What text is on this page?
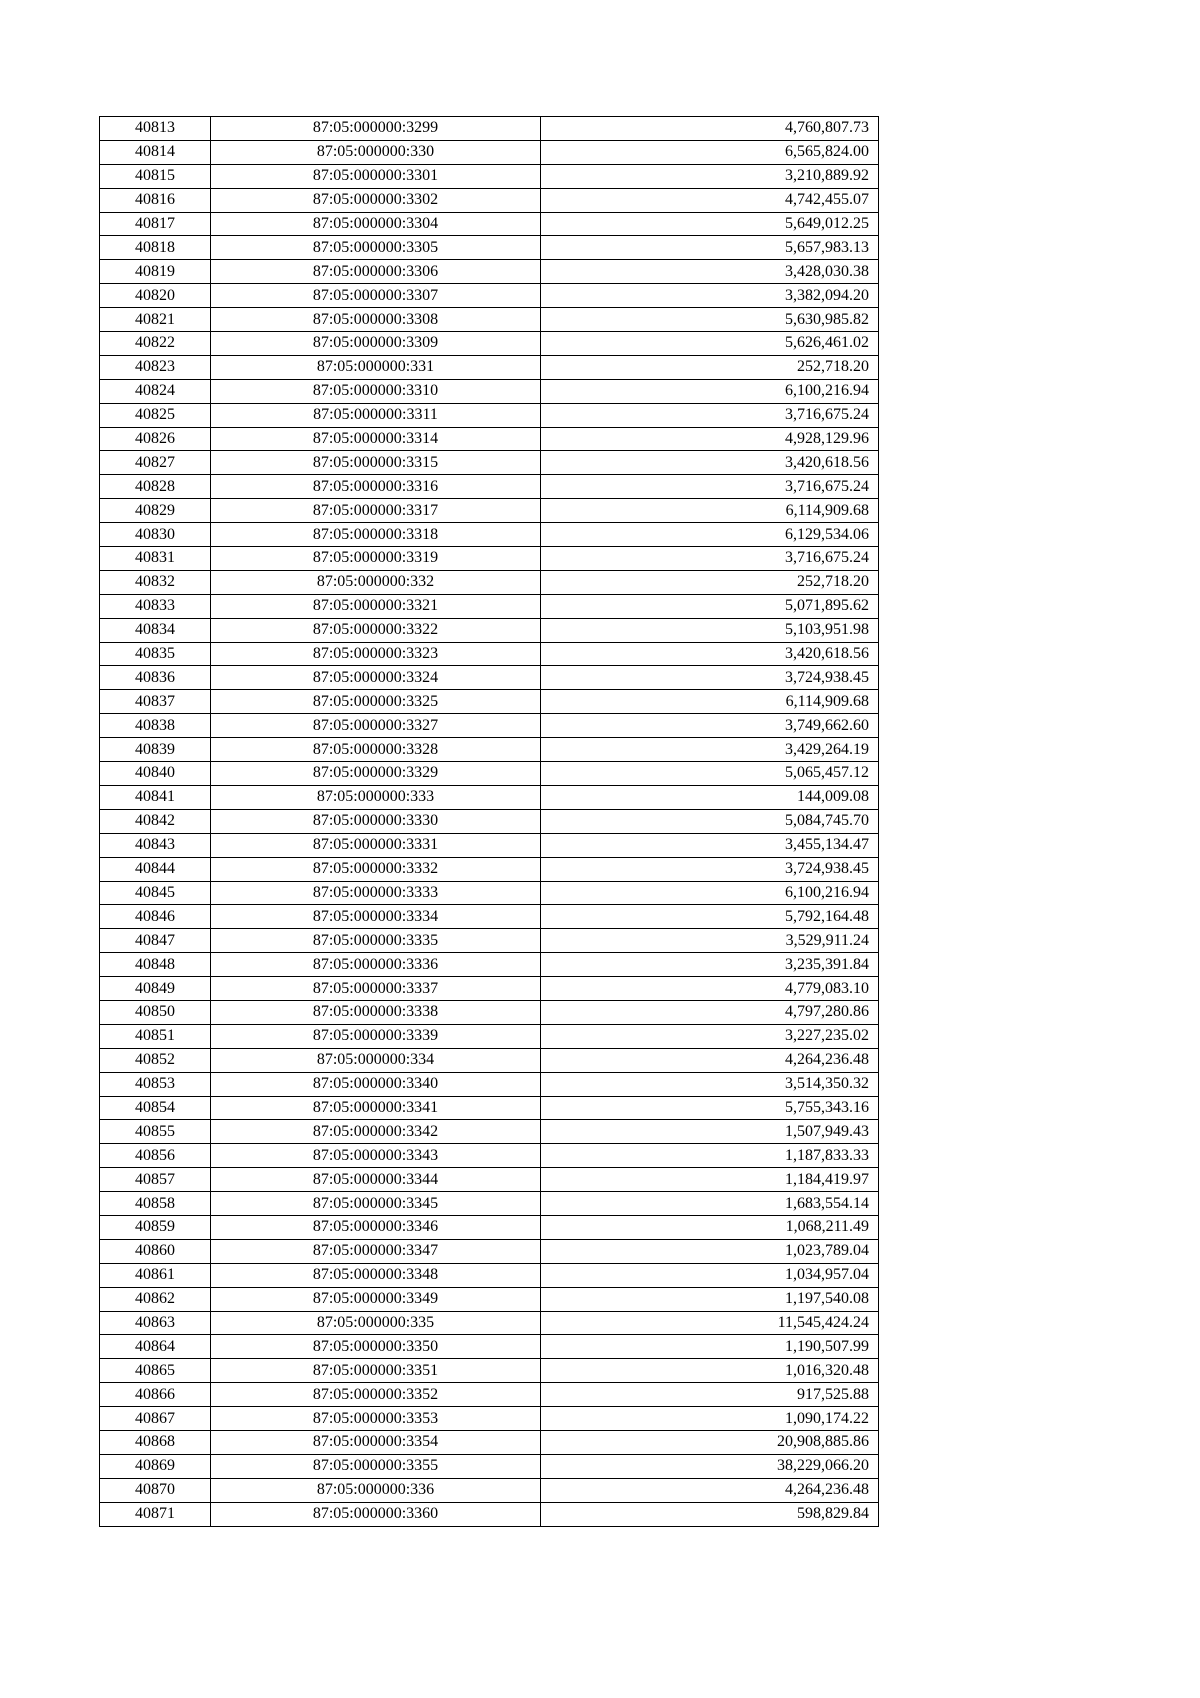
40813	87:05:000000:3299	4,760,807.73
40814	87:05:000000:330	6,565,824.00
40815	87:05:000000:3301	3,210,889.92
40816	87:05:000000:3302	4,742,455.07
40817	87:05:000000:3304	5,649,012.25
40818	87:05:000000:3305	5,657,983.13
40819	87:05:000000:3306	3,428,030.38
40820	87:05:000000:3307	3,382,094.20
40821	87:05:000000:3308	5,630,985.82
40822	87:05:000000:3309	5,626,461.02
40823	87:05:000000:331	252,718.20
40824	87:05:000000:3310	6,100,216.94
40825	87:05:000000:3311	3,716,675.24
40826	87:05:000000:3314	4,928,129.96
40827	87:05:000000:3315	3,420,618.56
40828	87:05:000000:3316	3,716,675.24
40829	87:05:000000:3317	6,114,909.68
40830	87:05:000000:3318	6,129,534.06
40831	87:05:000000:3319	3,716,675.24
40832	87:05:000000:332	252,718.20
40833	87:05:000000:3321	5,071,895.62
40834	87:05:000000:3322	5,103,951.98
40835	87:05:000000:3323	3,420,618.56
40836	87:05:000000:3324	3,724,938.45
40837	87:05:000000:3325	6,114,909.68
40838	87:05:000000:3327	3,749,662.60
40839	87:05:000000:3328	3,429,264.19
40840	87:05:000000:3329	5,065,457.12
40841	87:05:000000:333	144,009.08
40842	87:05:000000:3330	5,084,745.70
40843	87:05:000000:3331	3,455,134.47
40844	87:05:000000:3332	3,724,938.45
40845	87:05:000000:3333	6,100,216.94
40846	87:05:000000:3334	5,792,164.48
40847	87:05:000000:3335	3,529,911.24
40848	87:05:000000:3336	3,235,391.84
40849	87:05:000000:3337	4,779,083.10
40850	87:05:000000:3338	4,797,280.86
40851	87:05:000000:3339	3,227,235.02
40852	87:05:000000:334	4,264,236.48
40853	87:05:000000:3340	3,514,350.32
40854	87:05:000000:3341	5,755,343.16
40855	87:05:000000:3342	1,507,949.43
40856	87:05:000000:3343	1,187,833.33
40857	87:05:000000:3344	1,184,419.97
40858	87:05:000000:3345	1,683,554.14
40859	87:05:000000:3346	1,068,211.49
40860	87:05:000000:3347	1,023,789.04
40861	87:05:000000:3348	1,034,957.04
40862	87:05:000000:3349	1,197,540.08
40863	87:05:000000:335	11,545,424.24
40864	87:05:000000:3350	1,190,507.99
40865	87:05:000000:3351	1,016,320.48
40866	87:05:000000:3352	917,525.88
40867	87:05:000000:3353	1,090,174.22
40868	87:05:000000:3354	20,908,885.86
40869	87:05:000000:3355	38,229,066.20
40870	87:05:000000:336	4,264,236.48
40871	87:05:000000:3360	598,829.84
